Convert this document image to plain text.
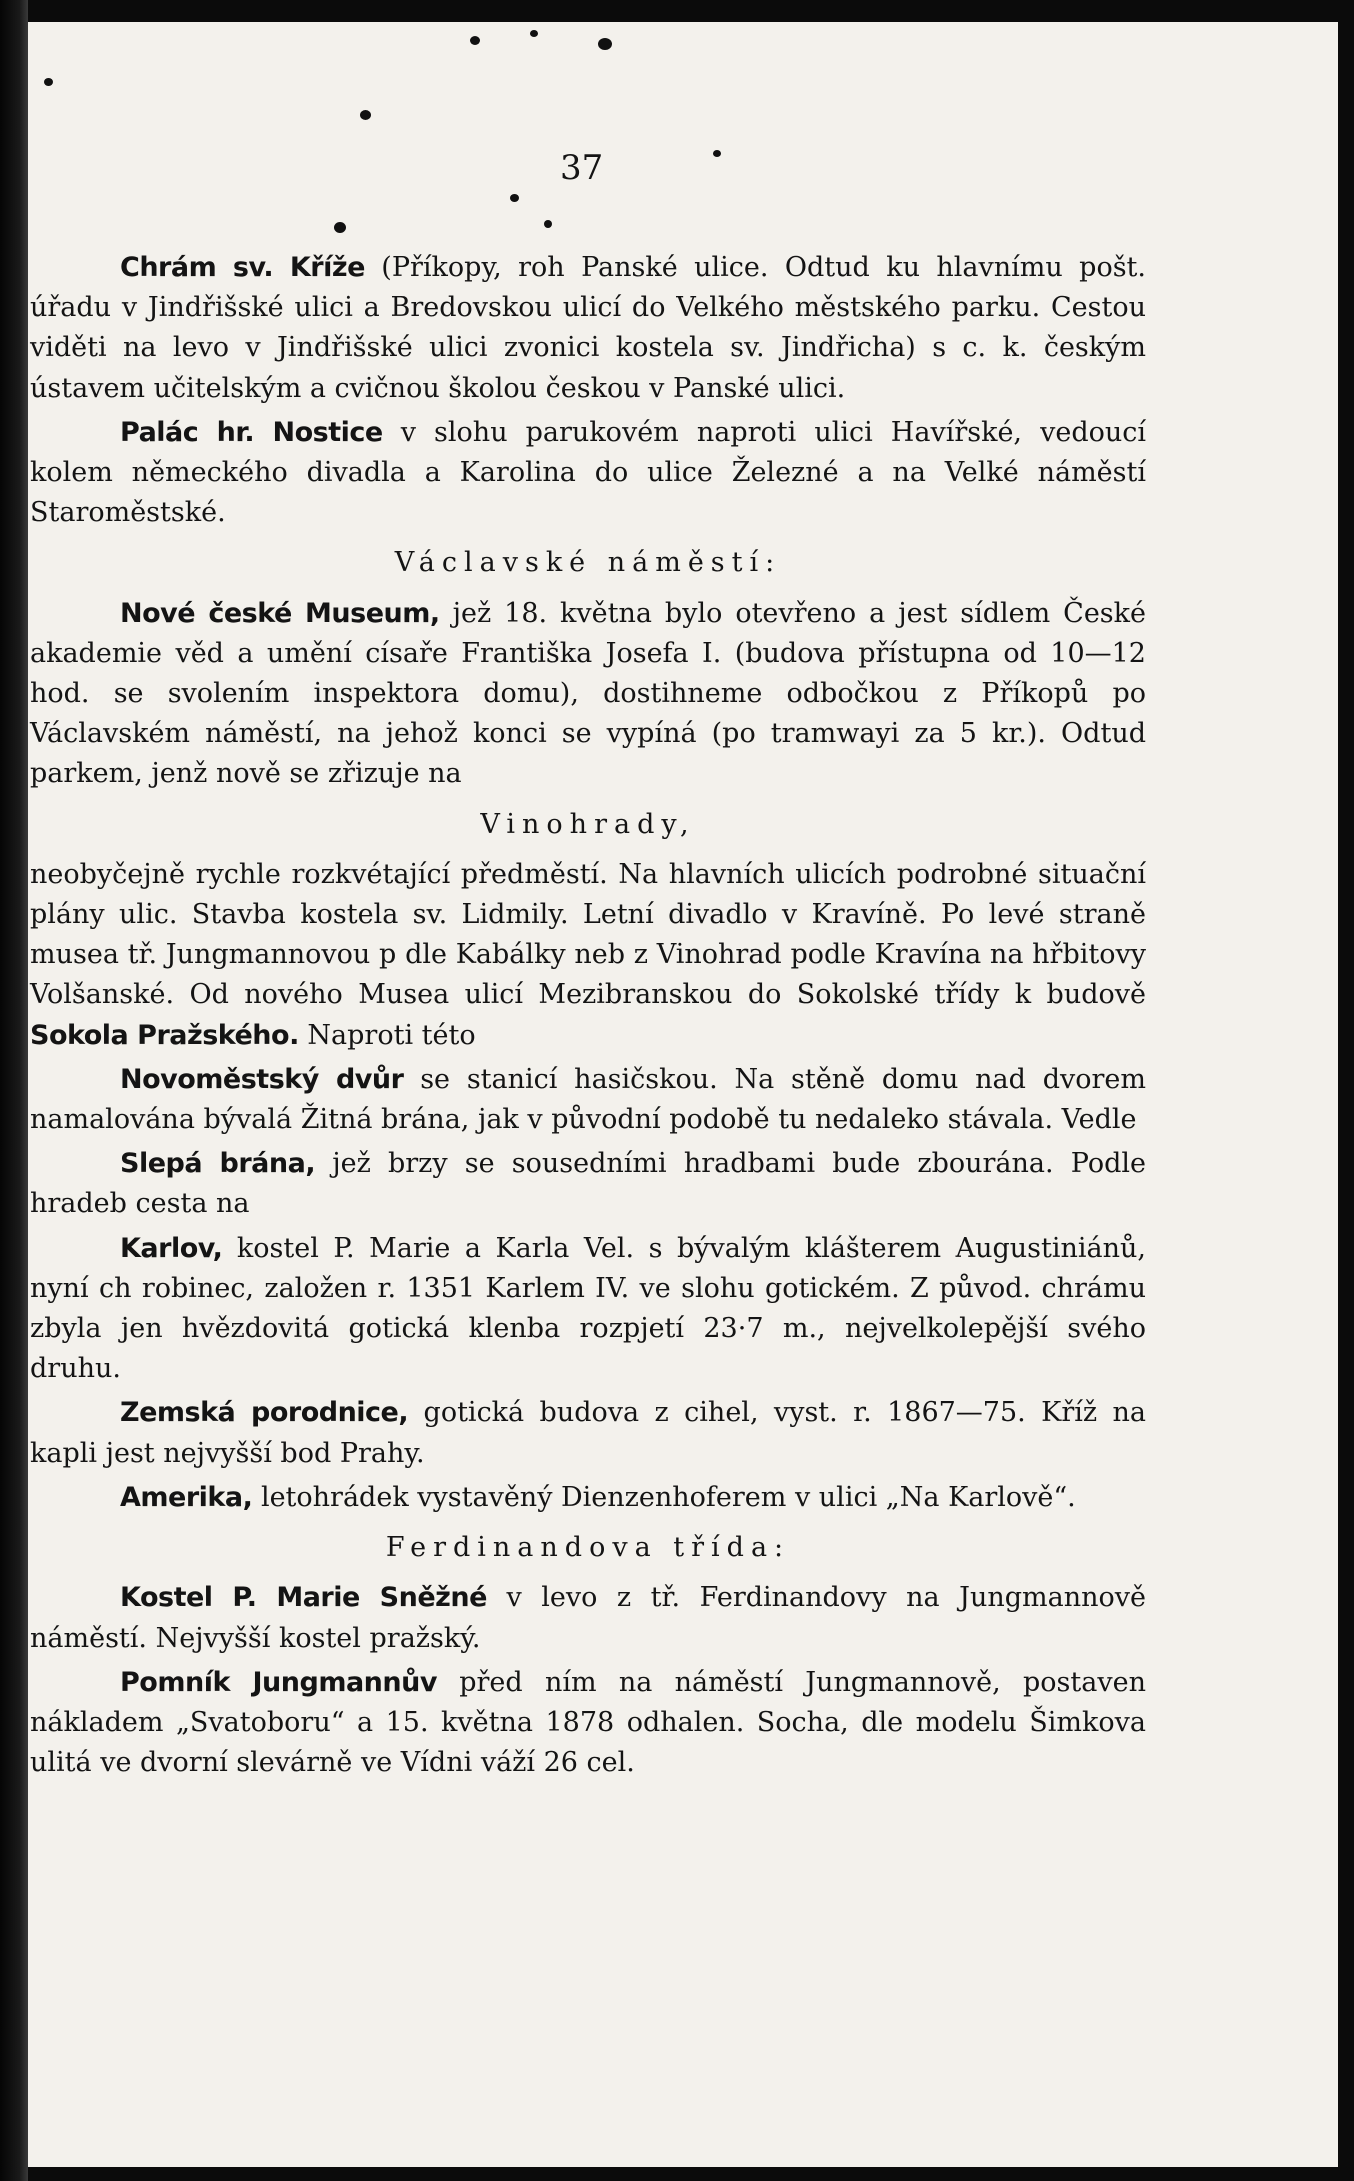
37
Chrám sv. Kříže (Příkopy, roh Panské ulice. Odtud ku hlavnímu pošt. úřadu v Jindřišské ulici a Bredovskou ulicí do Velkého městského parku. Cestou viděti na levo v Jindřišské ulici zvonici kostela sv. Jindřicha) s c. k. českým ústavem učitelským a cvičnou školou českou v Panské ulici.
Palác hr. Nostice v slohu parukovém naproti ulici Havířské, vedoucí kolem německého divadla a Karolina do ulice Železné a na Velké náměstí Staroměstské.
Václavské náměstí:
Nové české Museum, jež 18. května bylo otevřeno a jest sídlem České akademie věd a umění císaře Františka Josefa I. (budova přístupna od 10—12 hod. se svolením inspektora domu), dostihneme odbočkou z Příkopů po Václavském náměstí, na jehož konci se vypíná (po tramwayi za 5 kr.). Odtud parkem, jenž nově se zřizuje na
Vinohrady,
neobyčejně rychle rozkvétající předměstí. Na hlavních ulicích podrobné situační plány ulic. Stavba kostela sv. Lidmily. Letní divadlo v Kravíně. Po levé straně musea tř. Jungmannovou p dle Kabálky neb z Vinohrad podle Kravína na hřbitovy Volšanské. Od nového Musea ulicí Mezibranskou do Sokolské třídy k budově Sokola Pražského. Naproti této
Novoměstský dvůr se stanicí hasičskou. Na stěně domu nad dvorem namalována bývalá Žitná brána, jak v původní podobě tu nedaleko stávala. Vedle
Slepá brána, jež brzy se sousedními hradbami bude zbourána. Podle hradeb cesta na
Karlov, kostel P. Marie a Karla Vel. s bývalým klášterem Augustiniánů, nyní ch robinec, založen r. 1351 Karlem IV. ve slohu gotickém. Z původ. chrámu zbyla jen hvězdovitá gotická klenba rozpjetí 23·7 m., nejvelkolepější svého druhu.
Zemská porodnice, gotická budova z cihel, vyst. r. 1867—75. Kříž na kapli jest nejvyšší bod Prahy.
Amerika, letohrádek vystavěný Dienzenhoferem v ulici „Na Karlově“.
Ferdinandova třída:
Kostel P. Marie Sněžné v levo z tř. Ferdinandovy na Jungmannově náměstí. Nejvyšší kostel pražský.
Pomník Jungmannův před ním na náměstí Jungmannově, postaven nákladem „Svatoboru“ a 15. května 1878 odhalen. Socha, dle modelu Šimkova ulitá ve dvorní slevárně ve Vídni váží 26 cel.
